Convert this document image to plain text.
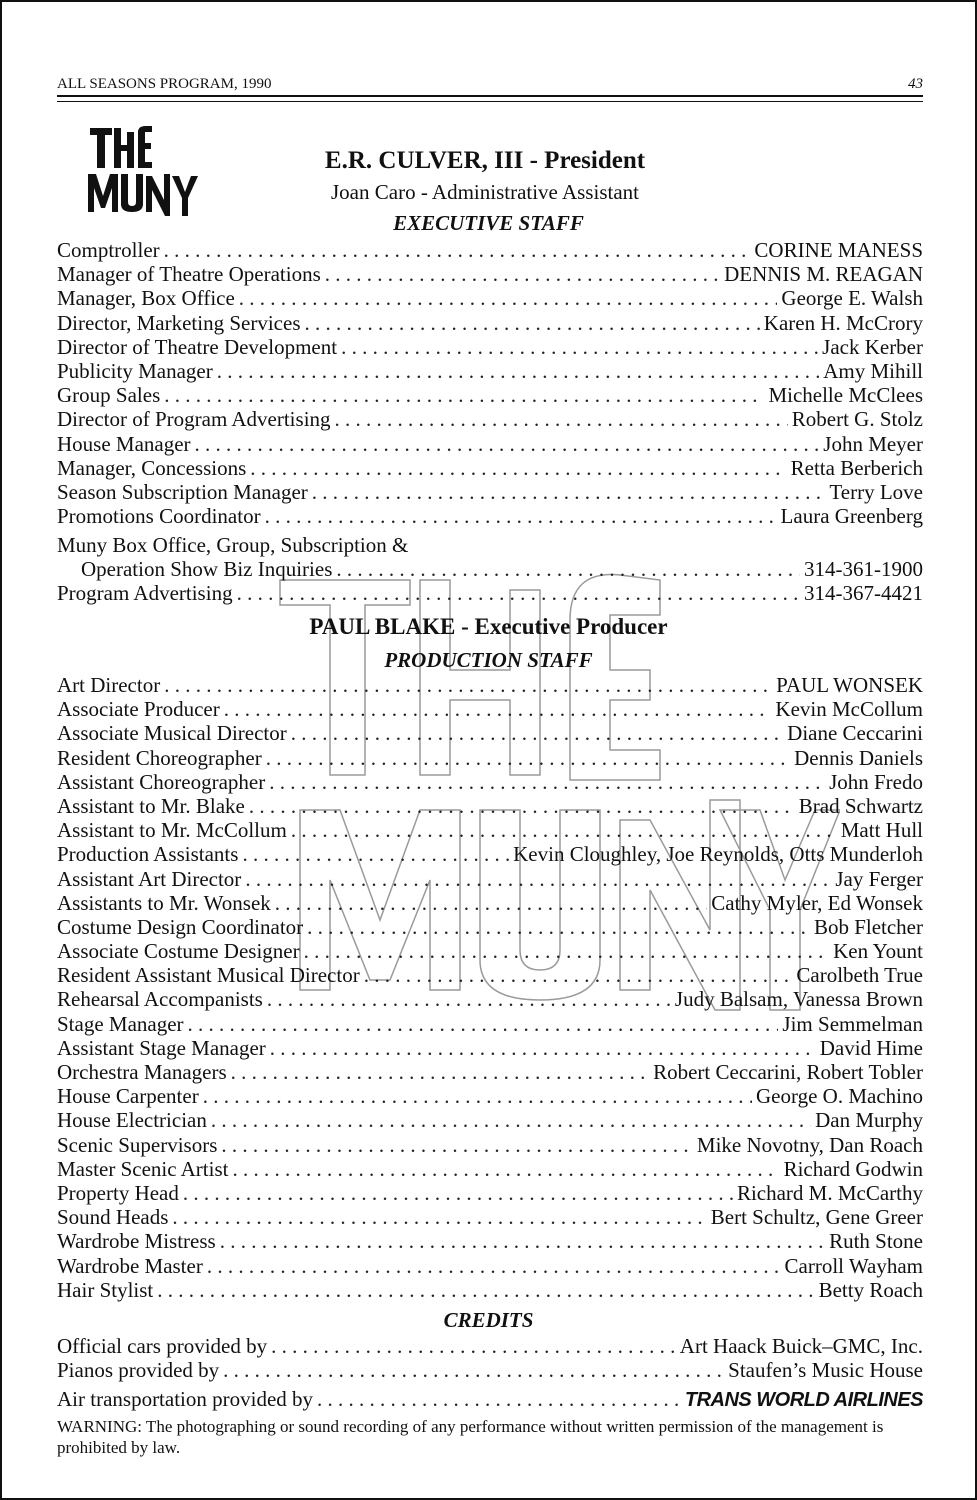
ALL SEASONS PROGRAM, 1990	43
E.R. CULVER, III - President
Joan Caro - Administrative Assistant
EXECUTIVE STAFF
Comptroller . . .	CORINE MANESS
Manager of Theatre Operations . . .	DENNIS M. REAGAN
Manager, Box Office . . .	George E. Walsh
Director, Marketing Services . . .	Karen H. McCrory
Director of Theatre Development . . .	Jack Kerber
Publicity Manager . . .	Amy Mihill
Group Sales . . .	Michelle McClees
Director of Program Advertising . . .	Robert G. Stolz
House Manager . . .	John Meyer
Manager, Concessions . . .	Retta Berberich
Season Subscription Manager . . .	Terry Love
Promotions Coordinator . . .	Laura Greenberg
Muny Box Office, Group, Subscription &
Operation Show Biz Inquiries . . .	314-361-1900
Program Advertising . . .	314-367-4421
PAUL BLAKE - Executive Producer
PRODUCTION STAFF
Art Director . . .	PAUL WONSEK
Associate Producer . . .	Kevin McCollum
Associate Musical Director . . .	Diane Ceccarini
Resident Choreographer . . .	Dennis Daniels
Assistant Choreographer . . .	John Fredo
Assistant to Mr. Blake . . .	Brad Schwartz
Assistant to Mr. McCollum . . .	Matt Hull
Production Assistants . . .	Kevin Cloughley, Joe Reynolds, Otts Munderloh
Assistant Art Director . . .	Jay Ferger
Assistants to Mr. Wonsek . . .	Cathy Myler, Ed Wonsek
Costume Design Coordinator . . .	Bob Fletcher
Associate Costume Designer . . .	Ken Yount
Resident Assistant Musical Director . . .	Carolbeth True
Rehearsal Accompanists . . .	Judy Balsam, Vanessa Brown
Stage Manager . . .	Jim Semmelman
Assistant Stage Manager . . .	David Hime
Orchestra Managers . . .	Robert Ceccarini, Robert Tobler
House Carpenter . . .	George O. Machino
House Electrician . . .	Dan Murphy
Scenic Supervisors . . .	Mike Novotny, Dan Roach
Master Scenic Artist . . .	Richard Godwin
Property Head . . .	Richard M. McCarthy
Sound Heads . . .	Bert Schultz, Gene Greer
Wardrobe Mistress . . .	Ruth Stone
Wardrobe Master . . .	Carroll Wayham
Hair Stylist . . .	Betty Roach
CREDITS
Official cars provided by . . .	Art Haack Buick–GMC, Inc.
Pianos provided by . . .	Staufen’s Music House
Air transportation provided by . . .	TRANS WORLD AIRLINES
WARNING: The photographing or sound recording of any performance without written permission of the management is prohibited by law.
